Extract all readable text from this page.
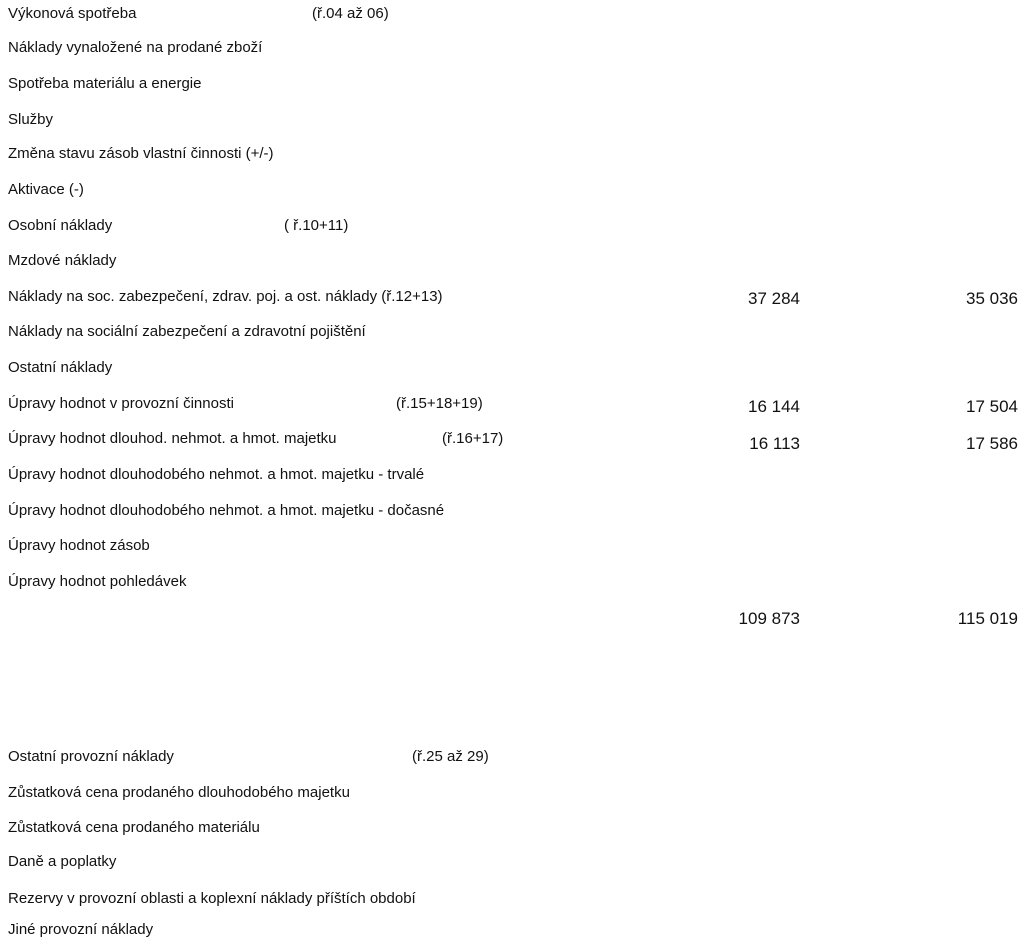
Výkonová spotřeba	(ř.04 až 06)
Náklady vynaložené na prodané zboží
Spotřeba materiálu a energie
Služby
Změna stavu zásob vlastní činnosti (+/-)
Aktivace (-)
Osobní náklady	( ř.10+11)
Mzdové náklady
Náklady na soc. zabezpečení, zdrav. poj. a ost. náklady (ř.12+13)	37 284	35 036
Náklady na sociální zabezpečení a zdravotní pojištění
Ostatní náklady
Úpravy hodnot v provozní činnosti	(ř.15+18+19)	16 144	17 504
Úpravy hodnot dlouhod. nehmot. a hmot. majetku	(ř.16+17)	16 113	17 586
Úpravy hodnot dlouhodobého nehmot. a hmot. majetku - trvalé
Úpravy hodnot dlouhodobého nehmot. a hmot. majetku - dočasné
Úpravy hodnot zásob
Úpravy hodnot pohledávek
109 873	115 019
Ostatní provozní náklady	(ř.25 až 29)
Zůstatková cena prodaného dlouhodobého majetku
Zůstatková cena prodaného materiálu
Daně a poplatky
Rezervy v provozní oblasti a koplexní náklady příštích období
Jiné provozní náklady
